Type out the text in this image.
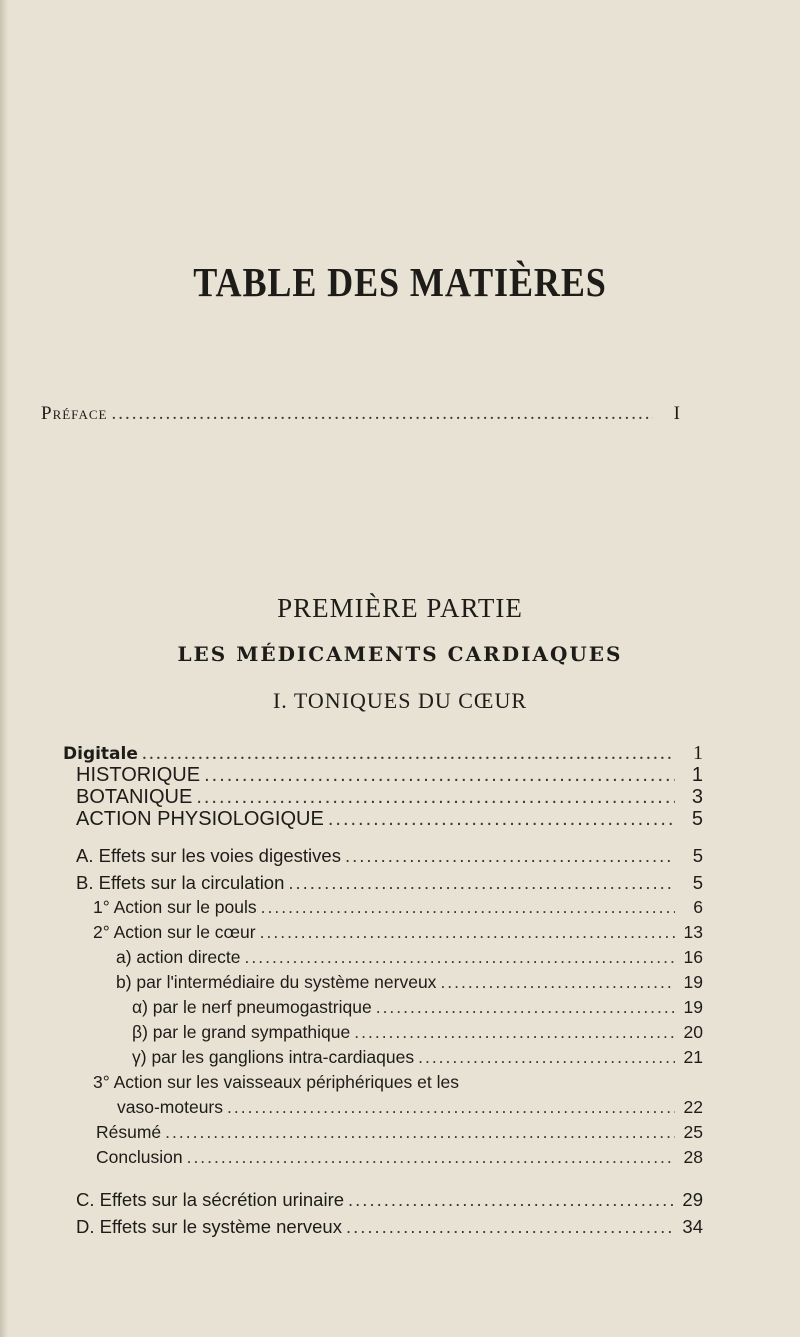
TABLE DES MATIÈRES
Préface .....	I
PREMIÈRE PARTIE
LES MÉDICAMENTS CARDIAQUES
I. TONIQUES DU CŒUR
Digitale .....	1
HISTORIQUE .....	1
BOTANIQUE .....	3
ACTION PHYSIOLOGIQUE .....	5
A. Effets sur les voies digestives .....	5
B. Effets sur la circulation .....	5
1° Action sur le pouls .....	6
2° Action sur le cœur .....	13
a) action directe .....	16
b) par l'intermédiaire du système nerveux .....	19
α) par le nerf pneumogastrique .....	19
β) par le grand sympathique .....	20
γ) par les ganglions intra-cardiaques .....	21
3° Action sur les vaisseaux périphériques et les
vaso-moteurs .....	22
Résumé .....	25
Conclusion .....	28
C. Effets sur la sécrétion urinaire .....	29
D. Effets sur le système nerveux .....	34
